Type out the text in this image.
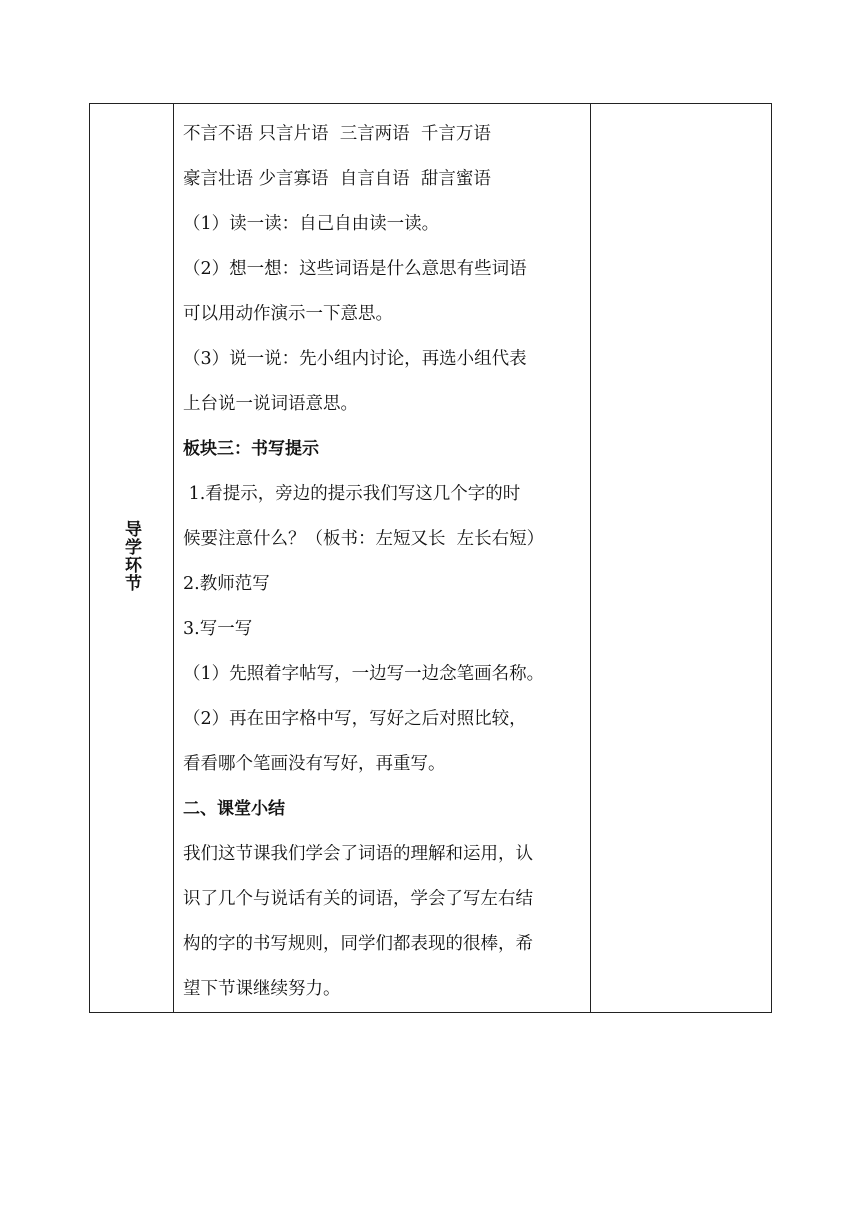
导学环节	

不言不语 只言片语  三言两语  千言万语

豪言壮语 少言寡语  自言自语  甜言蜜语

（1）读一读：自己自由读一读。

（2）想一想：这些词语是什么意思有些词语

可以用动作演示一下意思。

（3）说一说：先小组内讨论，再选小组代表

上台说一说词语意思。

板块三：书写提示

1.看提示，旁边的提示我们写这几个字的时

候要注意什么？（板书：左短又长  左长右短）

2.教师范写

3.写一写

（1）先照着字帖写，一边写一边念笔画名称。

（2）再在田字格中写，写好之后对照比较，

看看哪个笔画没有写好，再重写。

二、课堂小结

我们这节课我们学会了词语的理解和运用，认

识了几个与说话有关的词语，学会了写左右结

构的字的书写规则，同学们都表现的很棒，希

望下节课继续努力。
